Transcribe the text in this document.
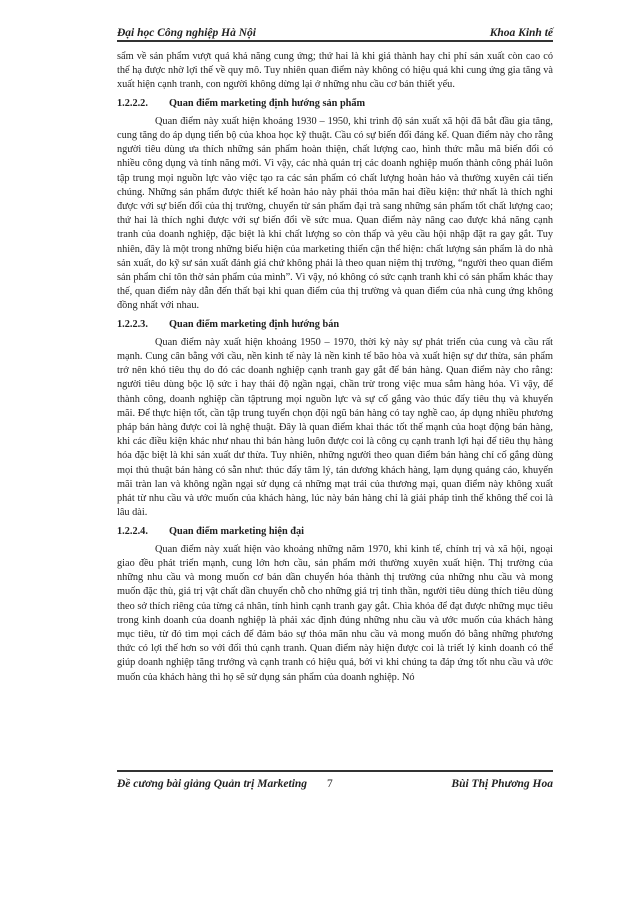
Đại học Công nghiệp Hà Nội	Khoa Kinh tế

sẩm về sản phẩm vượt quá khả năng cung ứng; thứ hai là khi giá thành hay chi phí sản xuất còn cao có thể hạ được nhờ lợi thế về quy mô. Tuy nhiên quan điểm này không có hiệu quả khi cung ứng gia tăng và xuất hiện cạnh tranh, con người không dừng lại ở những nhu cầu cơ bản thiết yếu.

1.2.2.2.	Quan điểm marketing định hướng sản phẩm

Quan điểm này xuất hiện khoảng 1930 – 1950, khi trình độ sản xuất xã hội đã bắt đầu gia tăng, cung tăng do áp dụng tiến bộ của khoa học kỹ thuật. Cầu có sự biến đổi đáng kể. Quan điểm này cho rằng người tiêu dùng ưa thích những sản phẩm hoàn thiện, chất lượng cao, hình thức mẫu mã biến đổi có nhiều công dụng và tính năng mới. Vì vậy, các nhà quản trị các doanh nghiệp muốn thành công phải luôn tập trung mọi nguồn lực vào việc tạo ra các sản phẩm có chất lượng hoàn hảo và thường xuyên cải tiến chúng. Những sản phẩm được thiết kế hoàn hảo này phải thỏa mãn hai điều kiện: thứ nhất là thích nghi được với sự biến đổi của thị trường, chuyển từ sản phẩm đại trà sang những sản phẩm tốt chất lượng cao; thứ hai là thích nghi được với sự biến đổi về sức mua. Quan điểm này nâng cao được khả năng cạnh tranh của doanh nghiệp, đặc biệt là khi chất lượng so còn thấp và yêu cầu hội nhập đặt ra gay gắt. Tuy nhiên, đây là một trong những biểu hiện của marketing thiển cận thể hiện: chất lượng sản phẩm là do nhà sản xuất, do kỹ sư sản xuất đánh giá chứ không phải là theo quan niệm thị trường, “người theo quan điểm sản phẩm chỉ tôn thờ sản phẩm của mình”. Vì vậy, nó không có sức cạnh tranh khi có sản phẩm khác thay thế, quan điểm này dẫn đến thất bại khi quan điểm của thị trường và quan điểm của nhà cung ứng không đồng nhất với nhau.

1.2.2.3.	Quan điểm marketing định hướng bán

Quan điểm này xuất hiện khoảng 1950 – 1970, thời kỳ này sự phát triển của cung và cầu rất mạnh. Cung cân bằng với cầu, nền kinh tế này là nền kinh tế bão hòa và xuất hiện sự dư thừa, sản phẩm trở nên khó tiêu thụ do đó các doanh nghiệp cạnh tranh gay gắt để bán hàng. Quan điểm này cho rằng: người tiêu dùng bộc lộ sức ì hay thái độ ngần ngại, chần trừ trong việc mua sắm hàng hóa. Vì vậy, để thành công, doanh nghiệp cần tậptrung mọi nguồn lực và sự cố gắng vào thúc đẩy tiêu thụ và khuyến mãi. Để thực hiện tốt, cần tập trung tuyển chọn đội ngũ bán hàng có tay nghề cao, áp dụng nhiều phương pháp bán hàng được coi là nghệ thuật. Đây là quan điểm khai thác tốt thế mạnh của hoạt động bán hàng, khi các điều kiện khác như nhau thì bán hàng luôn được coi là công cụ cạnh tranh lợi hại để tiêu thụ hàng hóa đặc biệt là khi sản xuất dư thừa. Tuy nhiên, những người theo quan điểm bán hàng chỉ cố gắng dùng mọi thủ thuật bán hàng có sẵn như: thúc đẩy tâm lý, tán dương khách hàng, lạm dụng quảng cáo, khuyến mãi tràn lan và không ngần ngại sử dụng cả những mạt trái của thương mại, quan điểm này không xuất phát từ nhu cầu và ước muốn của khách hàng, lúc này bán hàng chỉ là giải pháp tình thế không thể coi là lâu dài.

1.2.2.4.	Quan điểm marketing hiện đại

Quan điểm này xuất hiện vào khoảng những năm 1970, khi kinh tế, chính trị và xã hội, ngoại giao đều phát triển mạnh, cung lớn hơn cầu, sản phẩm mới thường xuyên xuất hiện. Thị trường của những nhu cầu và mong muốn cơ bản dần chuyển hóa thành thị trường của những nhu cầu và mong muốn đặc thù, giá trị vật chất dần chuyển chỗ cho những giá trị tinh thần, người tiêu dùng thích tiêu dùng theo sở thích riêng của từng cá nhân, tính hình cạnh tranh gay gắt. Chìa khóa để đạt được những mục tiêu trong kinh doanh của doanh nghiệp là phải xác định đúng những nhu cầu và ước muốn của khách hàng mục tiêu, từ đó tìm mọi cách để đảm bảo sự thỏa mãn nhu cầu và mong muốn đó bằng những phương thức có lợi thế hơn so với đối thủ cạnh tranh. Quan điểm này hiện được coi là triết lý kinh doanh có thể giúp doanh nghiệp tăng trưởng và cạnh tranh có hiệu quả, bởi vì khi chúng ta đáp ứng tốt nhu cầu và ước muốn của khách hàng thì họ sẽ sử dụng sản phẩm của doanh nghiệp. Nó

Đề cương bài giảng Quản trị Marketing 7	Bùi Thị Phương Hoa
